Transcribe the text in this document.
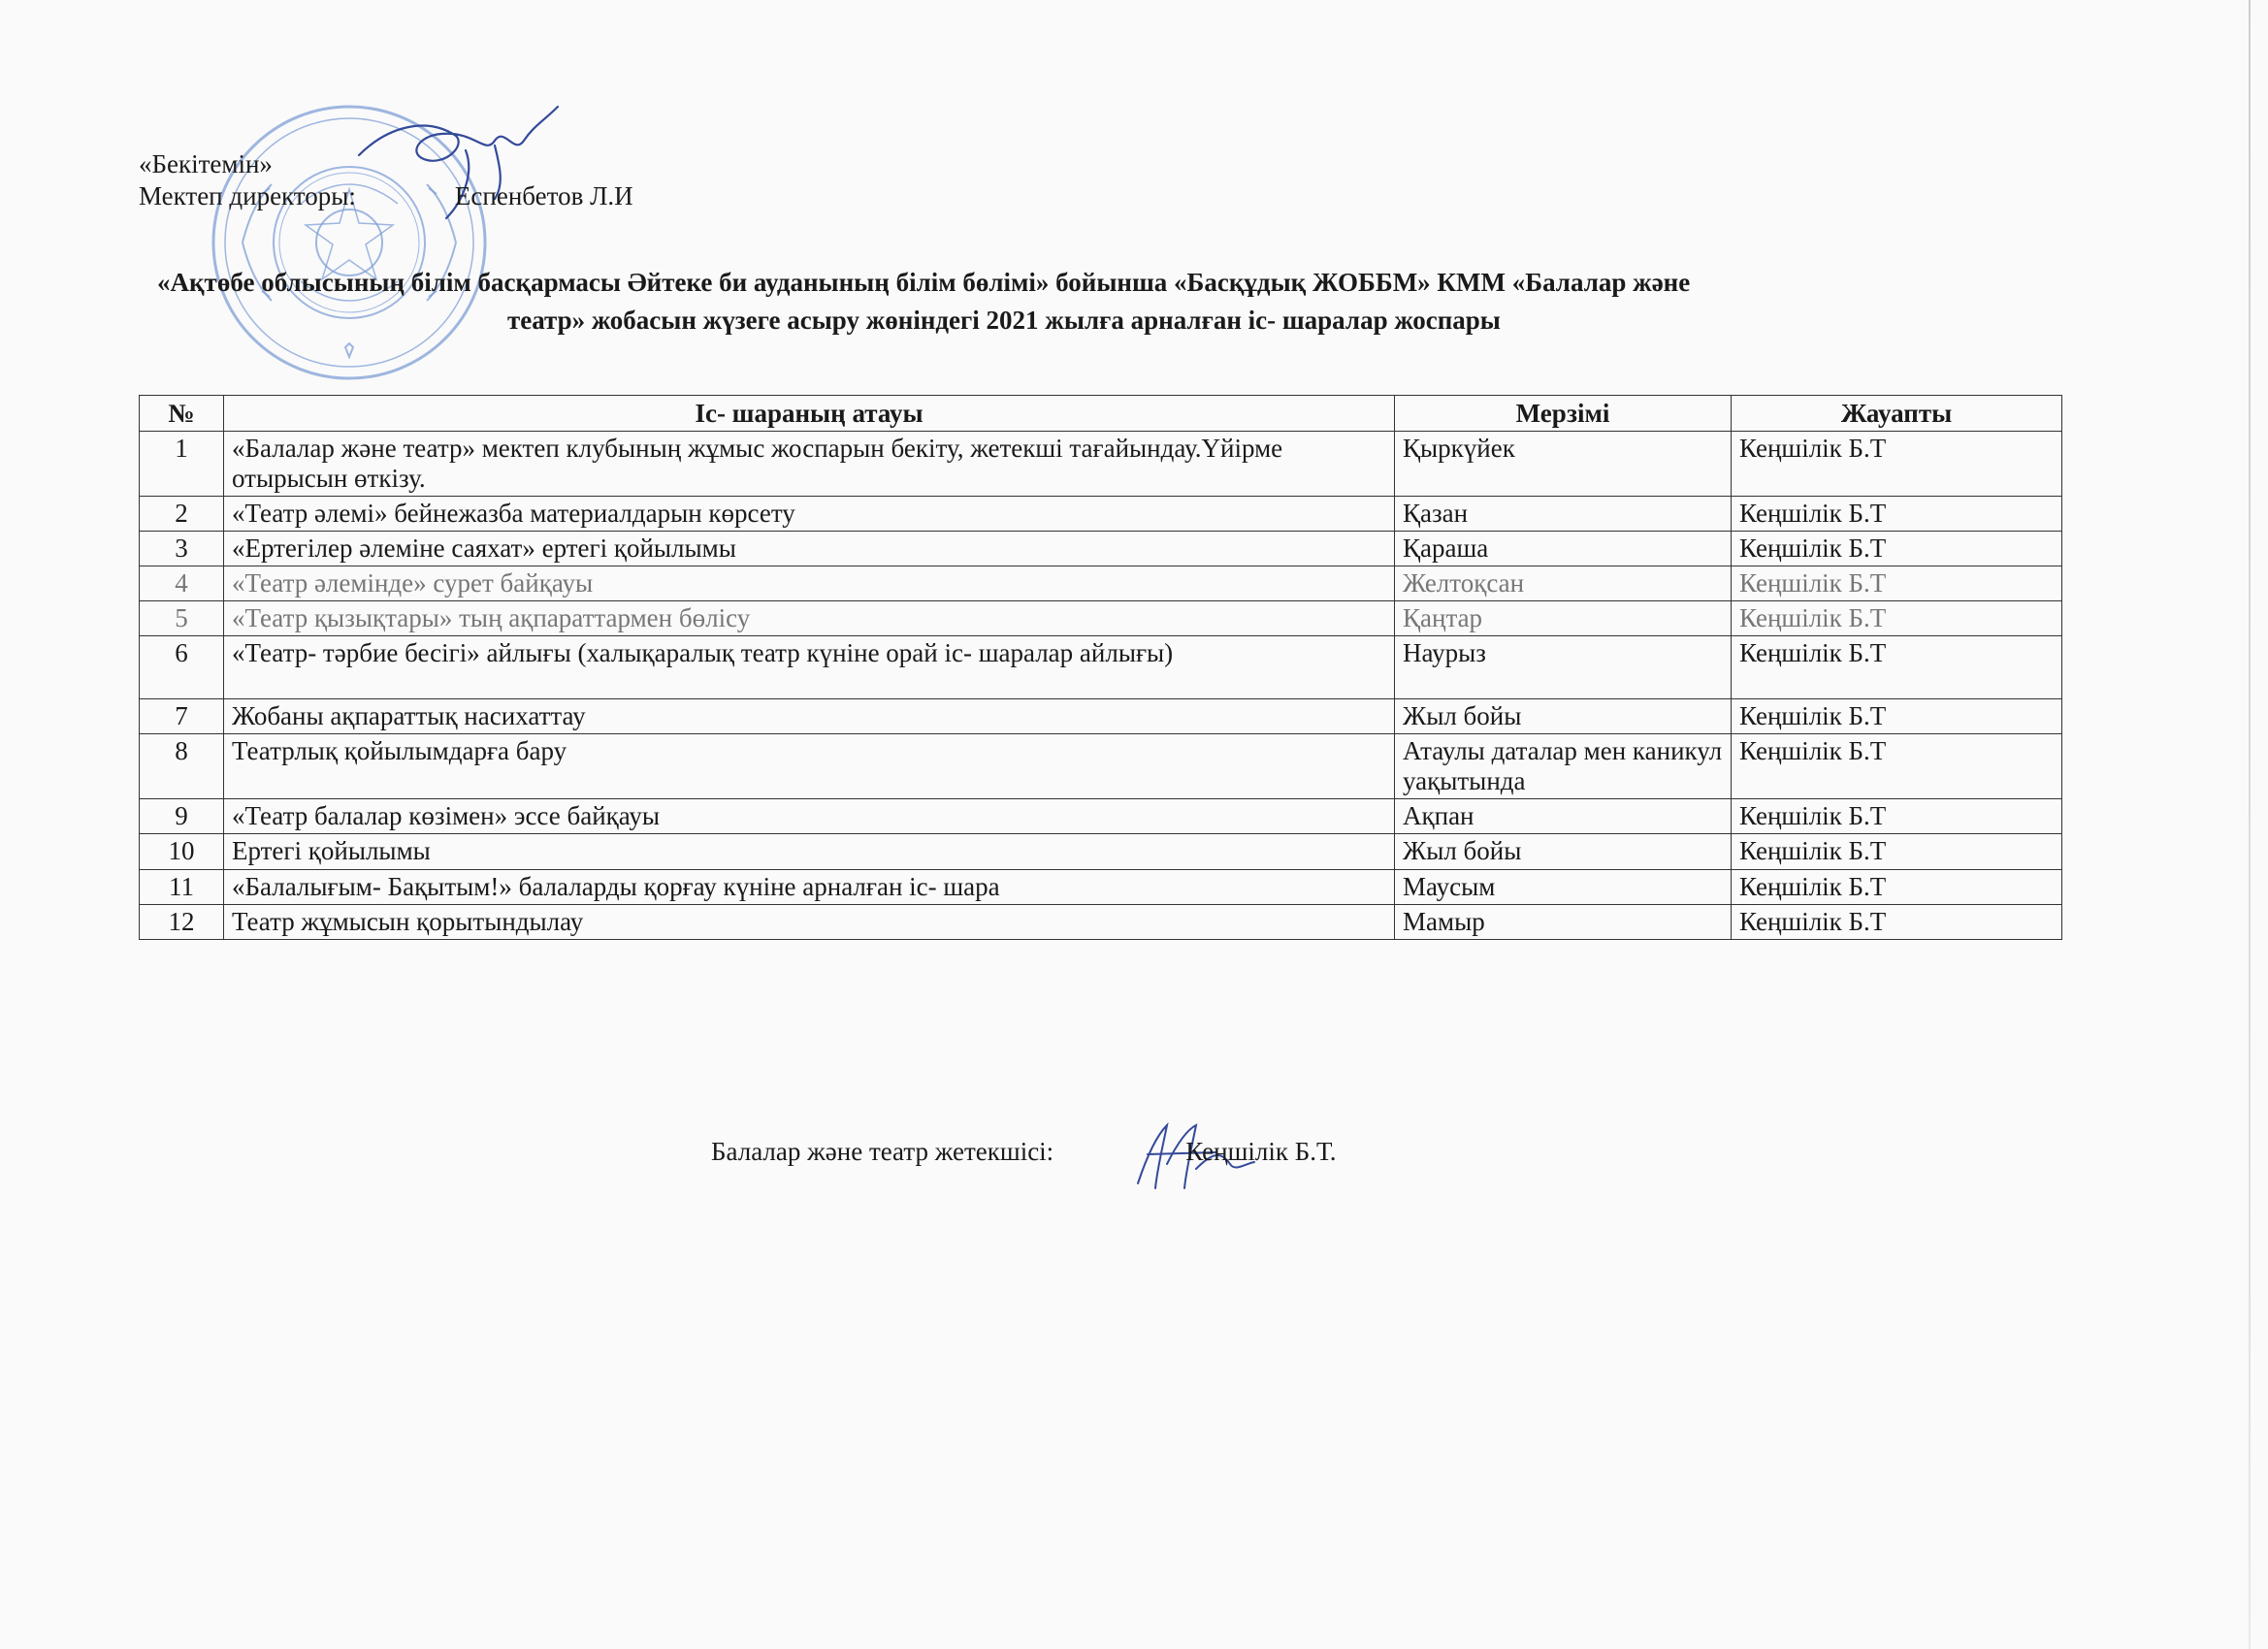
«Бекітемін»
Мектеп директоры:	Еспенбетов Л.И
«Ақтөбе облысының білім басқармасы Әйтеке би ауданының білім бөлімі» бойынша «Басқұдық ЖОББМ» КММ «Балалар және
театр» жобасын жүзеге асыру жөніндегі 2021 жылға арналған іс- шаралар жоспары
№	Іс- шараның атауы	Мерзімі	Жауапты
1	«Балалар және театр» мектеп клубының жұмыс жоспарын бекіту, жетекші тағайындау.Үйірме отырысын өткізу.	Қыркүйек	Кеңшілік Б.Т
2	«Театр әлемі» бейнежазба материалдарын көрсету	Қазан	Кеңшілік Б.Т
3	«Ертегілер әлеміне саяхат» ертегі қойылымы	Қараша	Кеңшілік Б.Т
4	«Театр әлемінде» сурет байқауы	Желтоқсан	Кеңшілік Б.Т
5	«Театр қызықтары» тың ақпараттармен бөлісу	Қаңтар	Кеңшілік Б.Т
6	«Театр- тәрбие бесігі» айлығы (халықаралық театр күніне орай іс- шаралар айлығы)	Наурыз	Кеңшілік Б.Т
7	Жобаны ақпараттық насихаттау	Жыл бойы	Кеңшілік Б.Т
8	Театрлық қойылымдарға бару	Атаулы даталар мен каникул уақытында	Кеңшілік Б.Т
9	«Театр балалар көзімен» эссе байқауы	Ақпан	Кеңшілік Б.Т
10	Ертегі қойылымы	Жыл бойы	Кеңшілік Б.Т
11	«Балалығым- Бақытым!» балаларды қорғау күніне арналған іс- шара	Маусым	Кеңшілік Б.Т
12	Театр жұмысын қорытындылау	Мамыр	Кеңшілік Б.Т
Балалар және театр жетекшісі:	Кеңшілік Б.Т.
